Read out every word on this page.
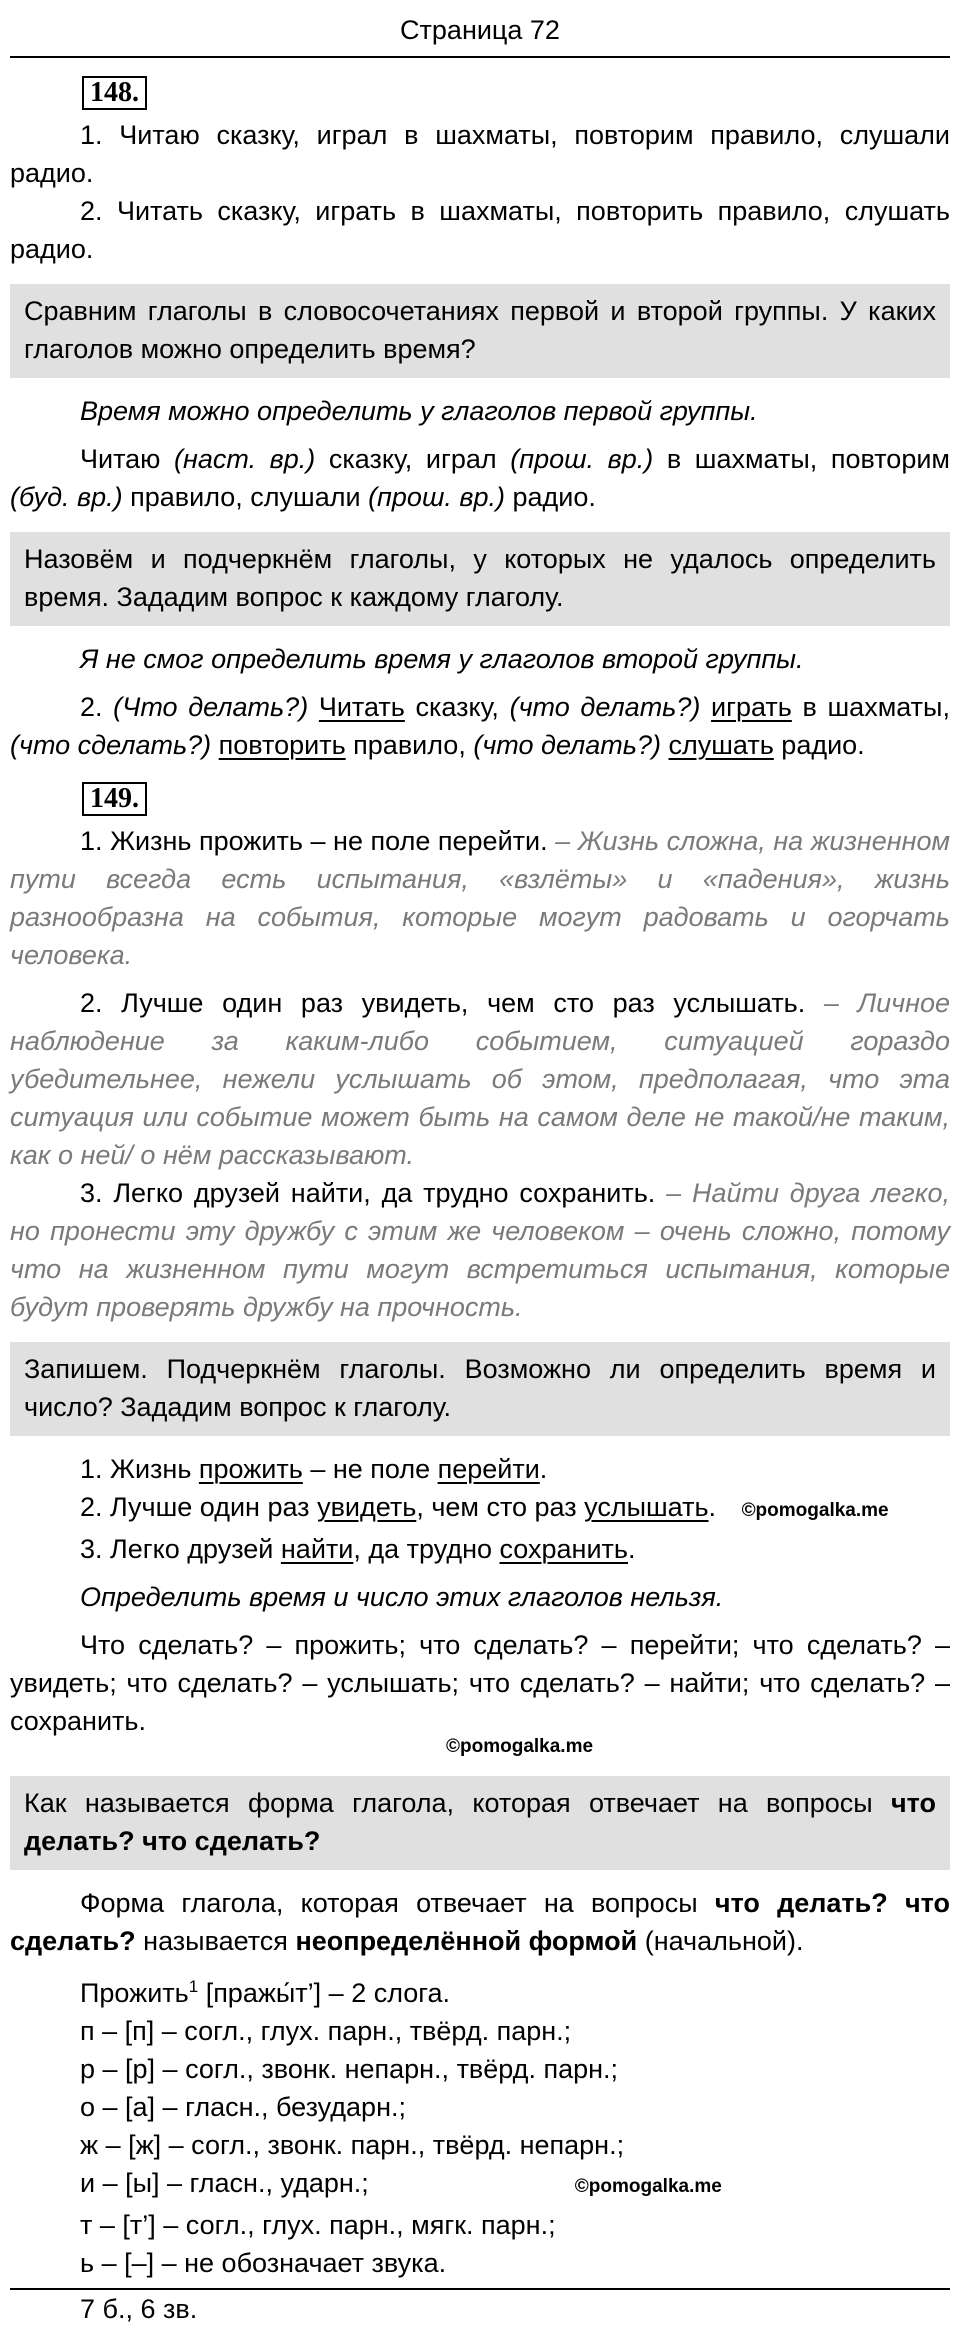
Страница 72
148.

1. Читаю сказку, играл в шахматы, повторим правило, слушали радио.

2. Читать сказку, играть в шахматы, повторить правило, слушать радио.

Сравним глаголы в словосочетаниях первой и второй группы. У каких глаголов можно определить время?

Время можно определить у глаголов первой группы.

Читаю (наст. вр.) сказку, играл (прош. вр.) в шахматы, повторим (буд. вр.) правило, слушали (прош. вр.) радио.

Назовём и подчеркнём глаголы, у которых не удалось определить время. Зададим вопрос к каждому глаголу.

Я не смог определить время у глаголов второй группы.

2. (Что делать?) Читать сказку, (что делать?) играть в шахматы, (что сделать?) повторить правило, (что делать?) слушать радио.

149.

1. Жизнь прожить – не поле перейти. – Жизнь сложна, на жизненном пути всегда есть испытания, «взлёты» и «падения», жизнь разнообразна на события, которые могут радовать и огорчать человека.

2. Лучше один раз увидеть, чем сто раз услышать. – Личное наблюдение за каким-либо событием, ситуацией гораздо убедительнее, нежели услышать об этом, предполагая, что эта ситуация или событие может быть на самом деле не такой/не таким, как о ней/ о нём рассказывают.

3. Легко друзей найти, да трудно сохранить. – Найти друга легко, но пронести эту дружбу с этим же человеком – очень сложно, потому что на жизненном пути могут встретиться испытания, которые будут проверять дружбу на прочность.

Запишем. Подчеркнём глаголы. Возможно ли определить время и число? Зададим вопрос к глаголу.

1. Жизнь прожить – не поле перейти.

2. Лучше один раз увидеть, чем сто раз услышать. ©pomogalka.me

3. Легко друзей найти, да трудно сохранить.

Определить время и число этих глаголов нельзя.

Что сделать? – прожить; что сделать? – перейти; что сделать? – увидеть; что сделать? – услышать; что сделать? – найти; что сделать? – сохранить.

©pomogalka.me
Как называется форма глагола, которая отвечает на вопросы что делать? что сделать?

Форма глагола, которая отвечает на вопросы что делать? что сделать? называется неопределённой формой (начальной).

Прожить$^1$ [пражы́т’] – 2 слога.

п – [п] – согл., глух. парн., твёрд. парн.;

р – [р] – согл., звонк. непарн., твёрд. парн.;

о – [а] – гласн., безударн.;

ж – [ж] – согл., звонк. парн., твёрд. непарн.;

и – [ы] – гласн., ударн.;	©pomogalka.me

т – [т’] – согл., глух. парн., мягк. парн.;

ь – [–] – не обозначает звука.

7 б., 6 зв.
